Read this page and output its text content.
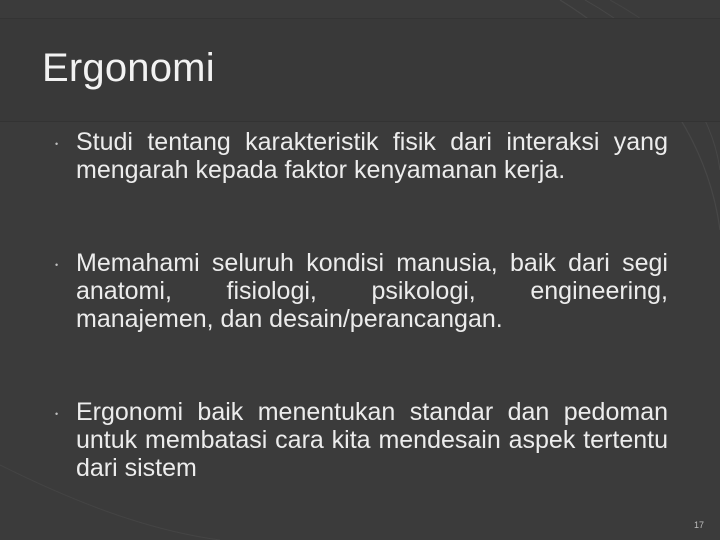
Ergonomi
• Studi tentang karakteristik fisik dari interaksi yang mengarah kepada faktor kenyamanan kerja.
• Memahami seluruh kondisi manusia, baik dari segi anatomi, fisiologi, psikologi, engineering, manajemen, dan desain/perancangan.
• Ergonomi baik menentukan standar dan pedoman untuk membatasi cara kita mendesain aspek tertentu dari sistem
17
